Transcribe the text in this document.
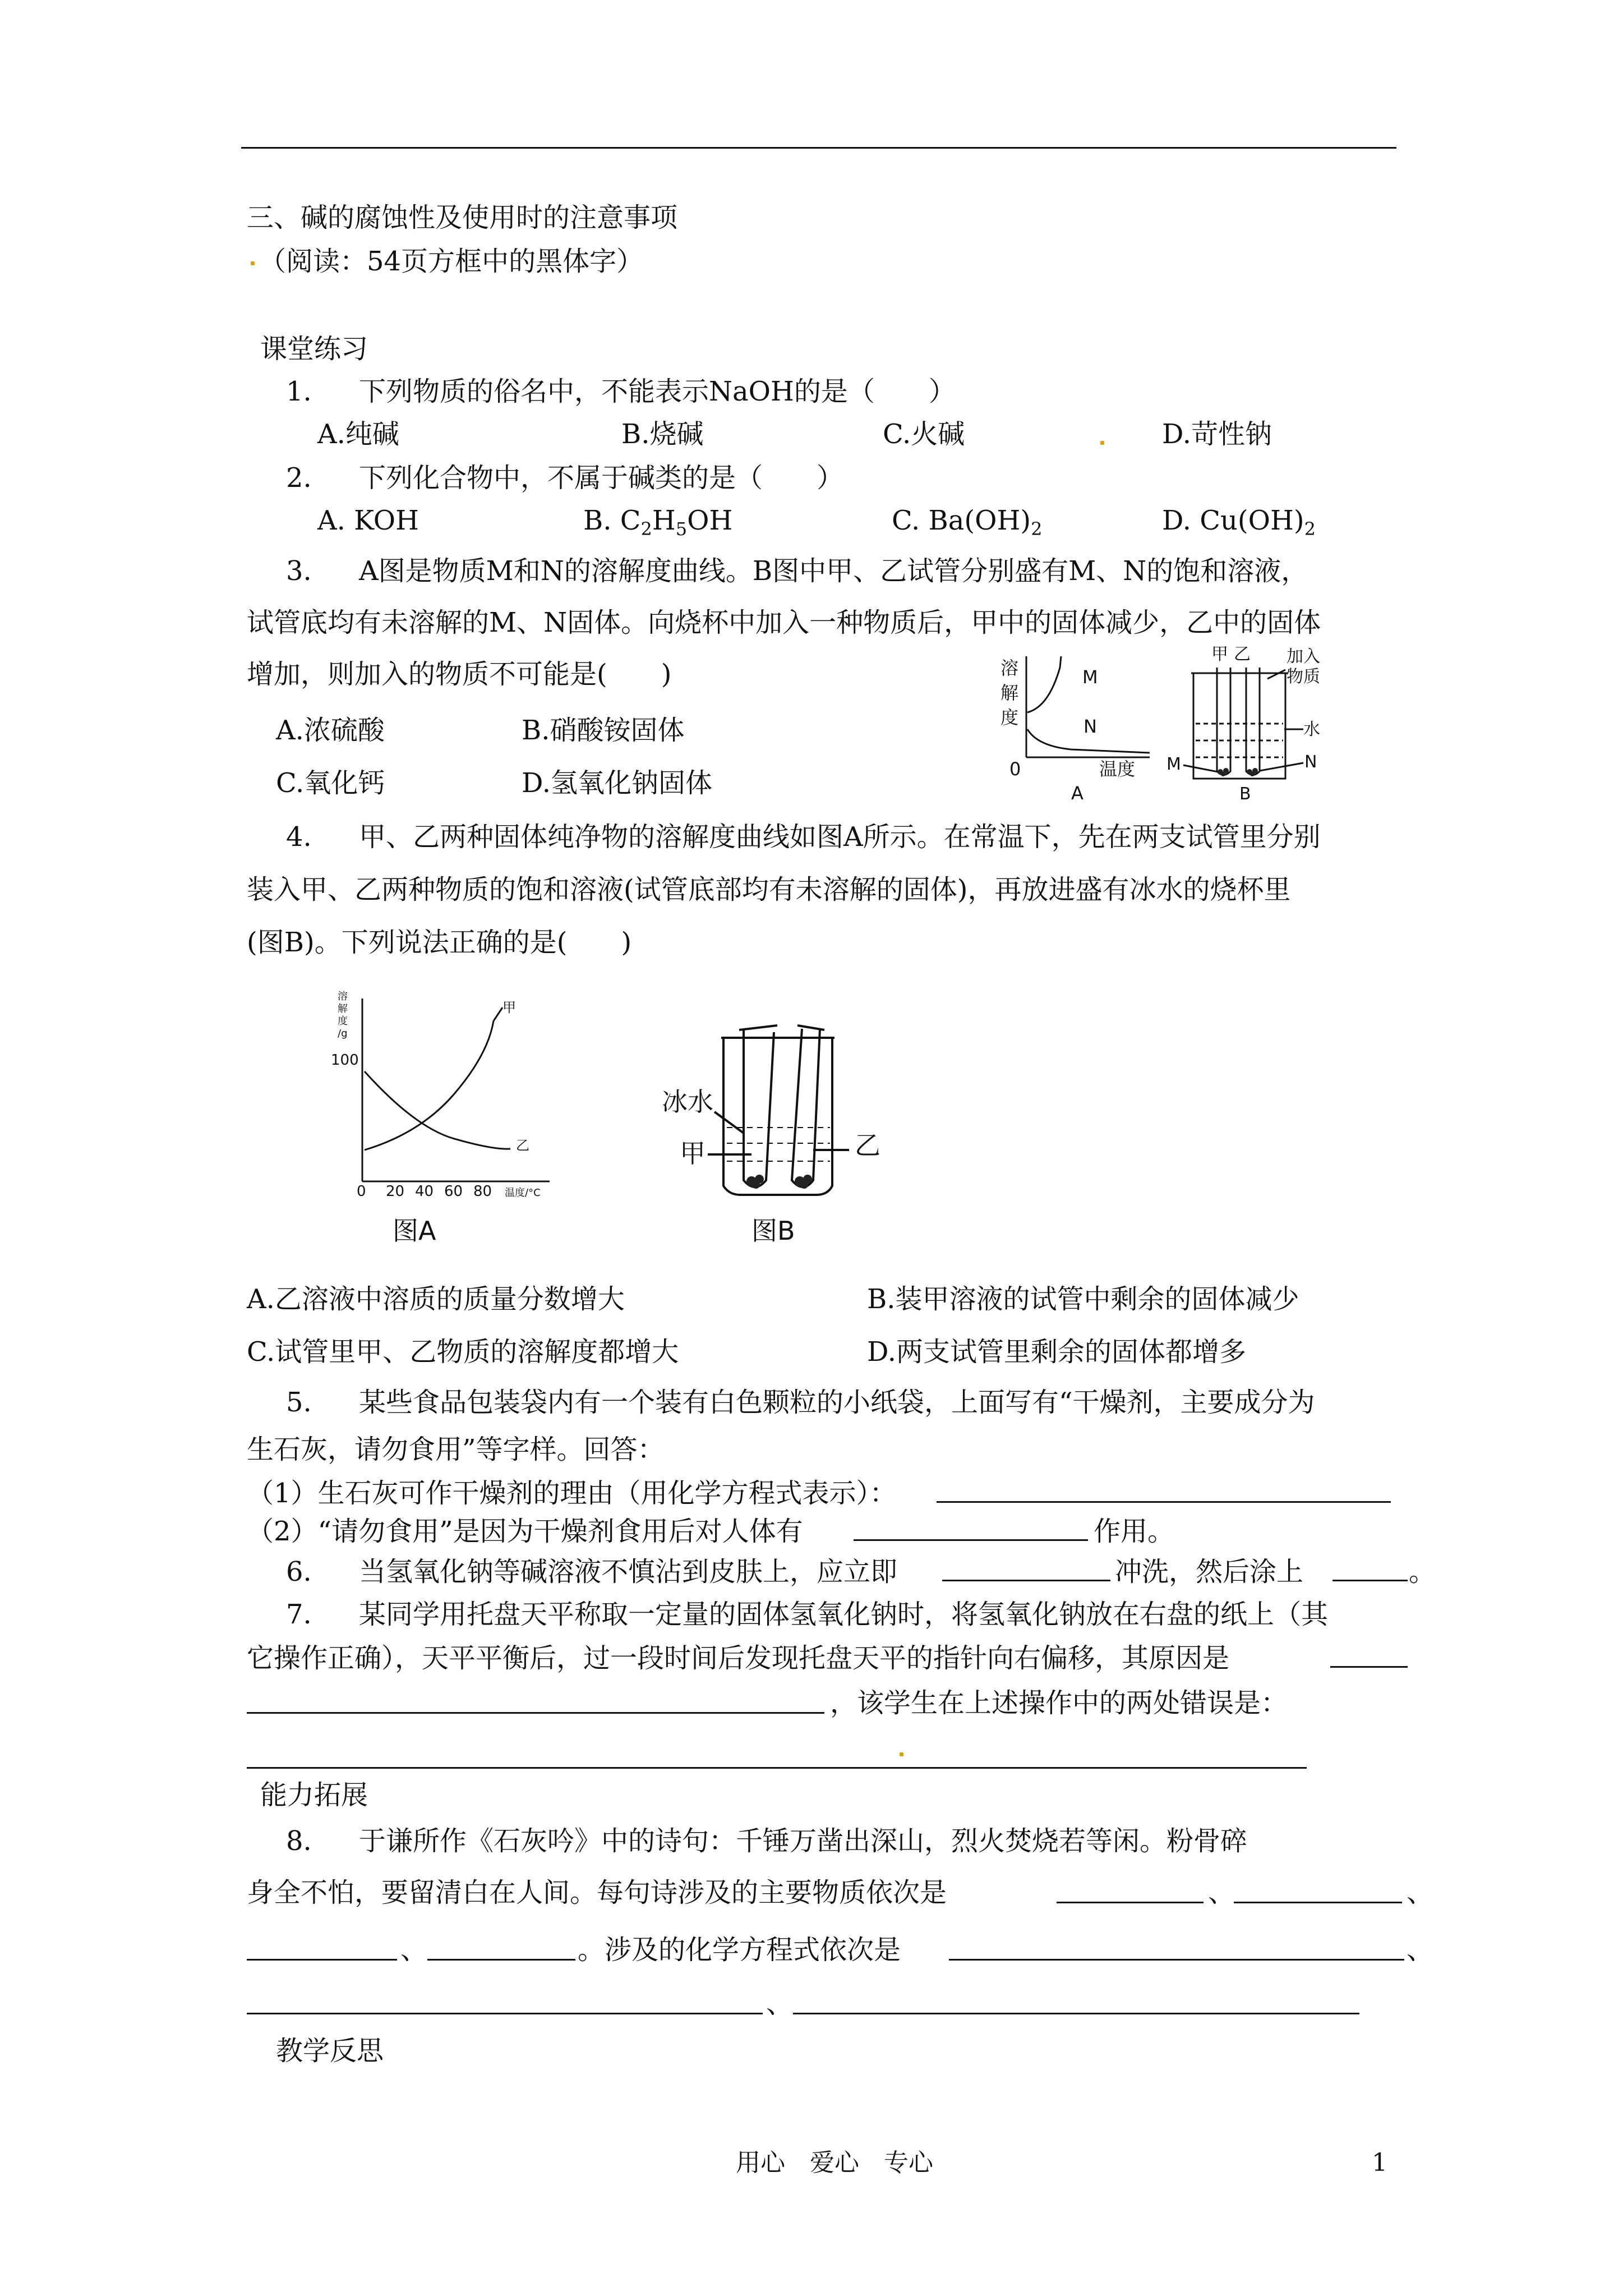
三、碱的腐蚀性及使用时的注意事项
（阅读：54页方框中的黑体字）
课堂练习
1. 下列物质的俗名中，不能表示NaOH的是（　　）
A.纯碱	B.烧碱	C.火碱	D.苛性钠
2. 下列化合物中，不属于碱类的是（　　）
A. KOH	B. $C_2H_5OH$	C. $Ba(OH)_2$	D. $Cu(OH)_2$
3. A图是物质M和N的溶解度曲线。B图中甲、乙试管分别盛有M、N的饱和溶液，
试管底均有未溶解的M、N固体。向烧杯中加入一种物质后，甲中的固体减少，乙中的固体
增加，则加入的物质不可能是(　　)
A.浓硫酸	B.硝酸铵固体
C.氧化钙	D.氢氧化钠固体
溶
解
度
0	温度
M
N
A
甲 乙 加入
物质
水
M	N
B
4. 甲、乙两种固体纯净物的溶解度曲线如图A所示。在常温下，先在两支试管里分别
装入甲、乙两种物质的饱和溶液(试管底部均有未溶解的固体)，再放进盛有冰水的烧杯里
(图B)。下列说法正确的是(　　)
溶
解
度
/g
100
0 20 40 60 80
图A
温度/°C
甲
乙
冰水
甲	乙
图B
A.乙溶液中溶质的质量分数增大	B.装甲溶液的试管中剩余的固体减少
C.试管里甲、乙物质的溶解度都增大	D.两支试管里剩余的固体都增多
5. 某些食品包装袋内有一个装有白色颗粒的小纸袋，上面写有“干燥剂，主要成分为
生石灰，请勿食用”等字样。回答：
（1）生石灰可作干燥剂的理由（用化学方程式表示）：
（2）“请勿食用”是因为干燥剂食用后对人体有	作用。
6. 当氢氧化钠等碱溶液不慎沾到皮肤上，应立即	冲洗，然后涂上	。
7. 某同学用托盘天平称取一定量的固体氢氧化钠时，将氢氧化钠放在右盘的纸上（其
它操作正确），天平平衡后，过一段时间后发现托盘天平的指针向右偏移，其原因是
，该学生在上述操作中的两处错误是：
能力拓展
8. 于谦所作《石灰吟》中的诗句：千锤万凿出深山，烈火焚烧若等闲。粉骨碎
身全不怕，要留清白在人间。每句诗涉及的主要物质依次是	、	、
、	。涉及的化学方程式依次是	、
、
教学反思
用心　爱心　专心	1
